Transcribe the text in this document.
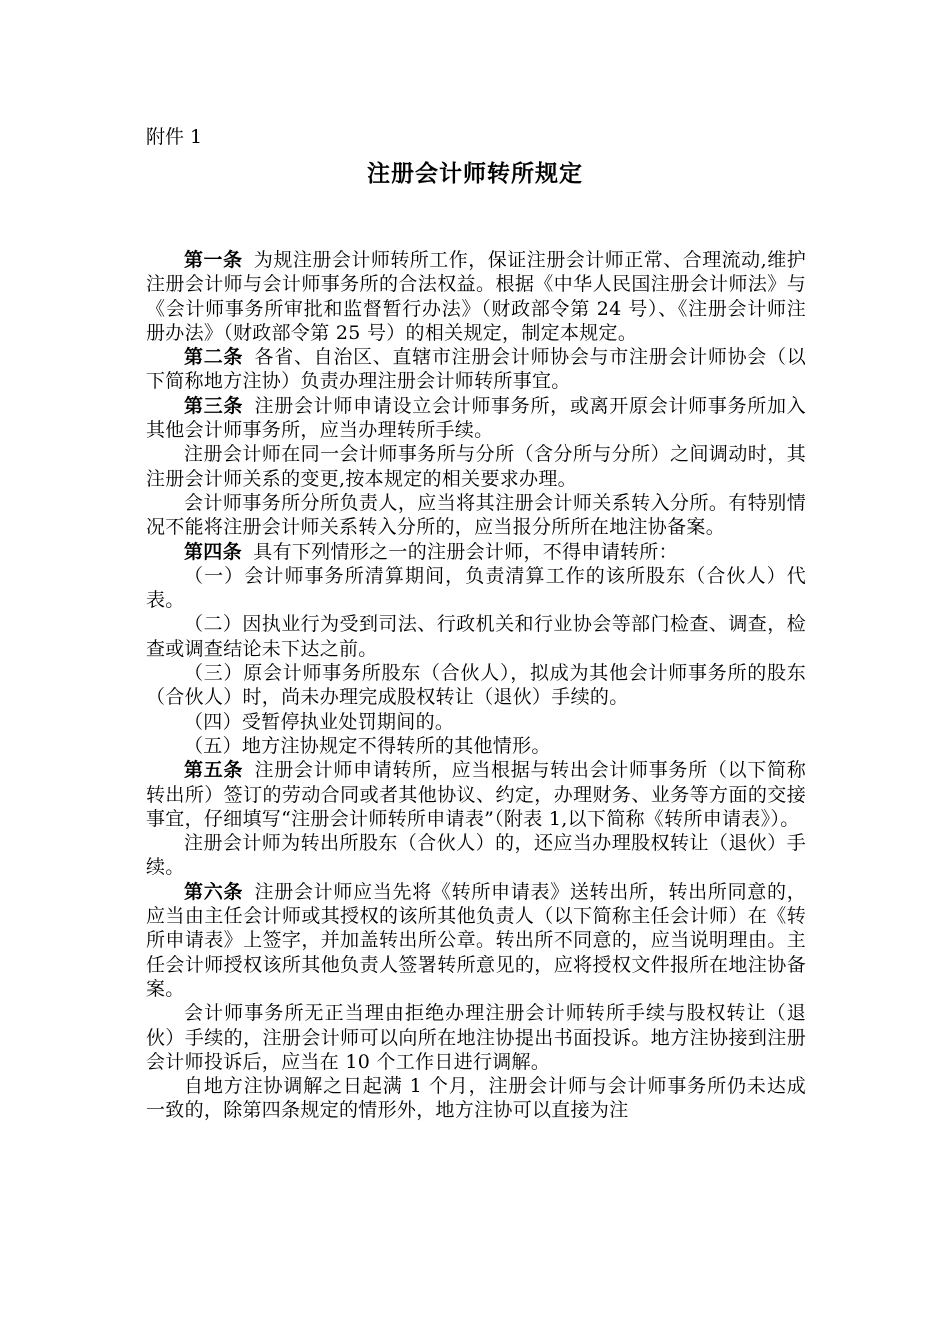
附件 1
注册会计师转所规定

第一条 为规注册会计师转所工作，保证注册会计师正常、合理流动,维护注册会计师与会计师事务所的合法权益。根据《中华人民国注册会计师法》与《会计师事务所审批和监督暂行办法》（财政部令第 24 号）、《注册会计师注册办法》（财政部令第 25 号）的相关规定，制定本规定。

第二条 各省、自治区、直辖市注册会计师协会与市注册会计师协会（以下简称地方注协）负责办理注册会计师转所事宜。

第三条 注册会计师申请设立会计师事务所，或离开原会计师事务所加入其他会计师事务所，应当办理转所手续。

注册会计师在同一会计师事务所与分所（含分所与分所）之间调动时，其注册会计师关系的变更,按本规定的相关要求办理。

会计师事务所分所负责人，应当将其注册会计师关系转入分所。有特别情况不能将注册会计师关系转入分所的，应当报分所所在地注协备案。

第四条 具有下列情形之一的注册会计师，不得申请转所：

（一）会计师事务所清算期间，负责清算工作的该所股东（合伙人）代表。

（二）因执业行为受到司法、行政机关和行业协会等部门检查、调查，检查或调查结论未下达之前。

（三）原会计师事务所股东（合伙人），拟成为其他会计师事务所的股东（合伙人）时，尚未办理完成股权转让（退伙）手续的。

（四）受暂停执业处罚期间的。

（五）地方注协规定不得转所的其他情形。

第五条 注册会计师申请转所，应当根据与转出会计师事务所（以下简称转出所）签订的劳动合同或者其他协议、约定，办理财务、业务等方面的交接事宜，仔细填写“注册会计师转所申请表”（附表 1,以下简称《转所申请表》）。

注册会计师为转出所股东（合伙人）的，还应当办理股权转让（退伙）手续。

第六条 注册会计师应当先将《转所申请表》送转出所，转出所同意的，应当由主任会计师或其授权的该所其他负责人（以下简称主任会计师）在《转所申请表》上签字，并加盖转出所公章。转出所不同意的，应当说明理由。主任会计师授权该所其他负责人签署转所意见的，应将授权文件报所在地注协备案。

会计师事务所无正当理由拒绝办理注册会计师转所手续与股权转让（退伙）手续的，注册会计师可以向所在地注协提出书面投诉。地方注协接到注册会计师投诉后，应当在 10 个工作日进行调解。

自地方注协调解之日起满 1 个月，注册会计师与会计师事务所仍未达成一致的，除第四条规定的情形外，地方注协可以直接为注
